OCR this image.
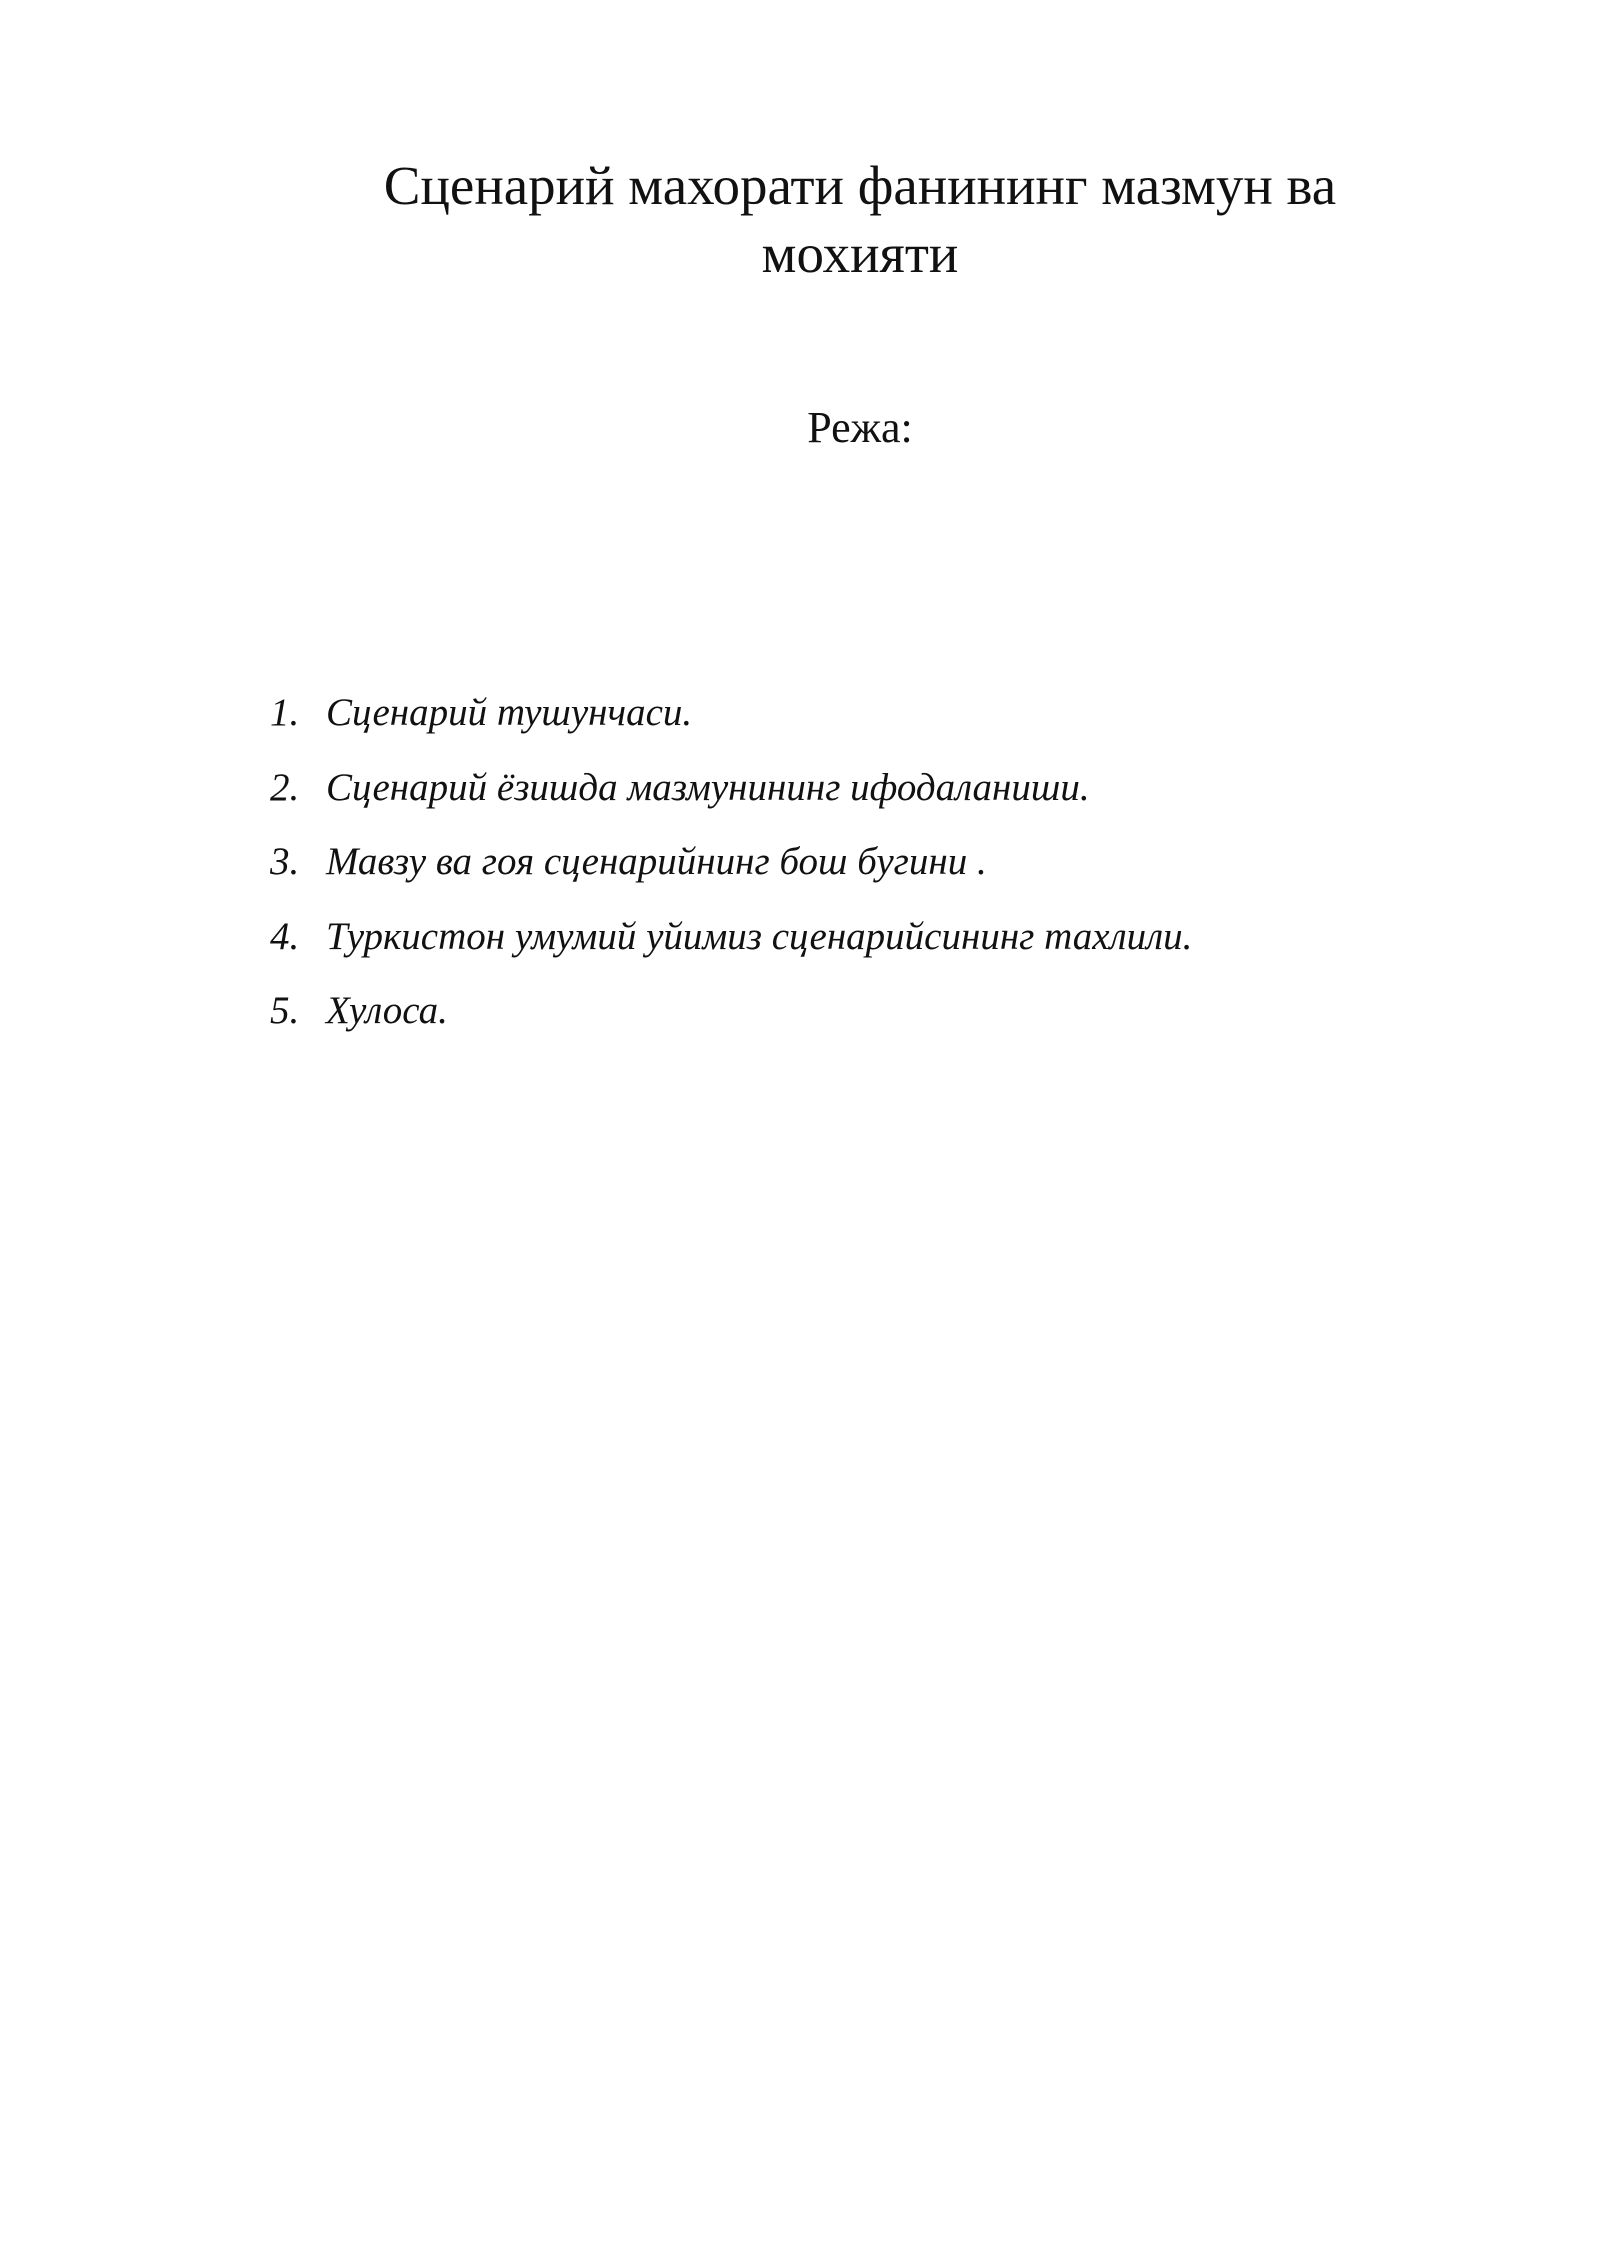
Сценарий махорати фанининг мазмун ва
мохияти

Режа:

1. Сценарий тушунчаси.
2. Сценарий ёзишда мазмунининг ифодаланиши.
3. Мавзу ва гоя сценарийнинг бош бугини .
4. Туркистон умумий уйимиз сценарийсининг тахлили.
5. Хулоса.
